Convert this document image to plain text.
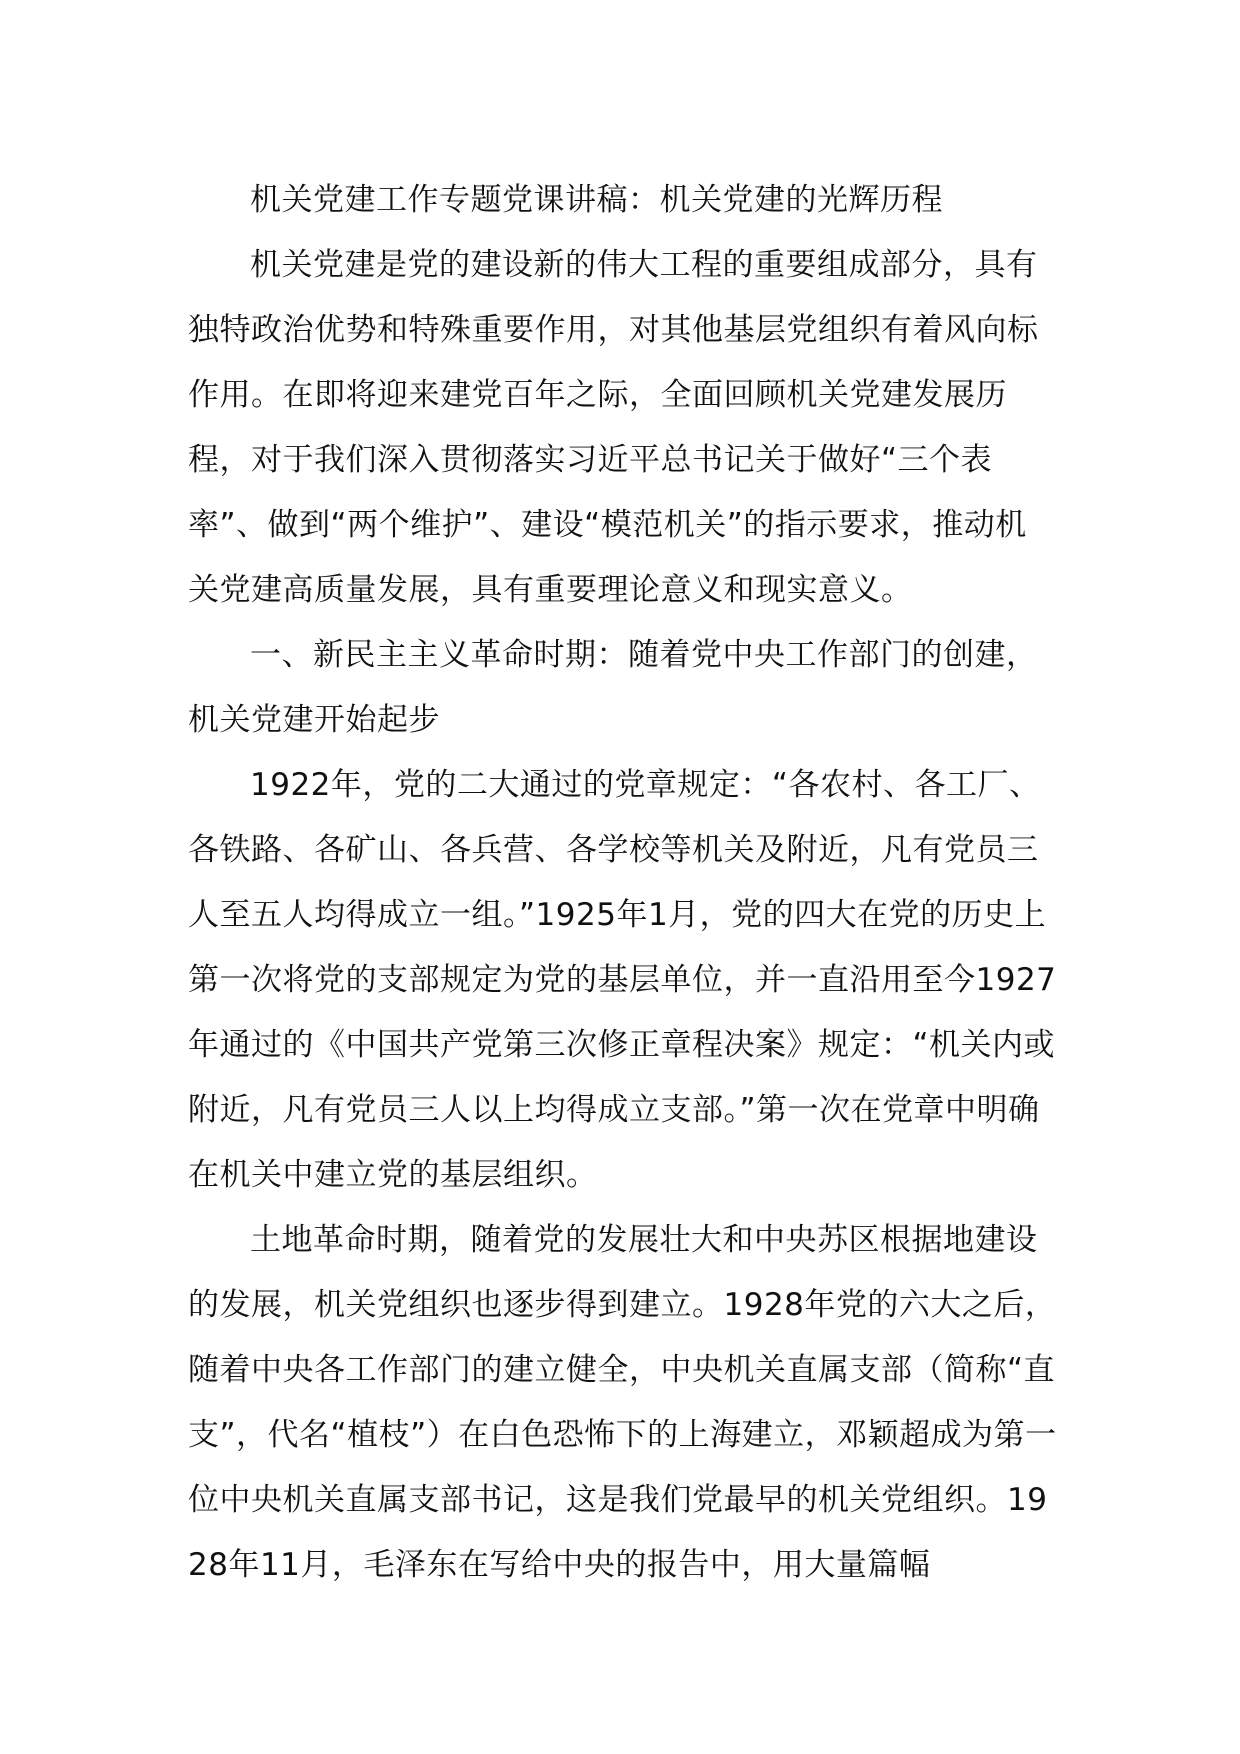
机关党建工作专题党课讲稿：机关党建的光辉历程

机关党建是党的建设新的伟大工程的重要组成部分，具有独特政治优势和特殊重要作用，对其他基层党组织有着风向标作用。在即将迎来建党百年之际，全面回顾机关党建发展历程，对于我们深入贯彻落实习近平总书记关于做好“三个表率”、做到“两个维护”、建设“模范机关”的指示要求，推动机关党建高质量发展，具有重要理论意义和现实意义。

一、新民主主义革命时期：随着党中央工作部门的创建，机关党建开始起步

1922年，党的二大通过的党章规定：“各农村、各工厂、各铁路、各矿山、各兵营、各学校等机关及附近，凡有党员三人至五人均得成立一组。”1925年1月，党的四大在党的历史上第一次将党的支部规定为党的基层单位，并一直沿用至今1927年通过的《中国共产党第三次修正章程决案》规定：“机关内或附近，凡有党员三人以上均得成立支部。”第一次在党章中明确在机关中建立党的基层组织。

土地革命时期，随着党的发展壮大和中央苏区根据地建设的发展，机关党组织也逐步得到建立。1928年党的六大之后，随着中央各工作部门的建立健全，中央机关直属支部（简称“直支”，代名“植枝”）在白色恐怖下的上海建立，邓颖超成为第一位中央机关直属支部书记，这是我们党最早的机关党组织。1928年11月，毛泽东在写给中央的报告中，用大量篇幅
